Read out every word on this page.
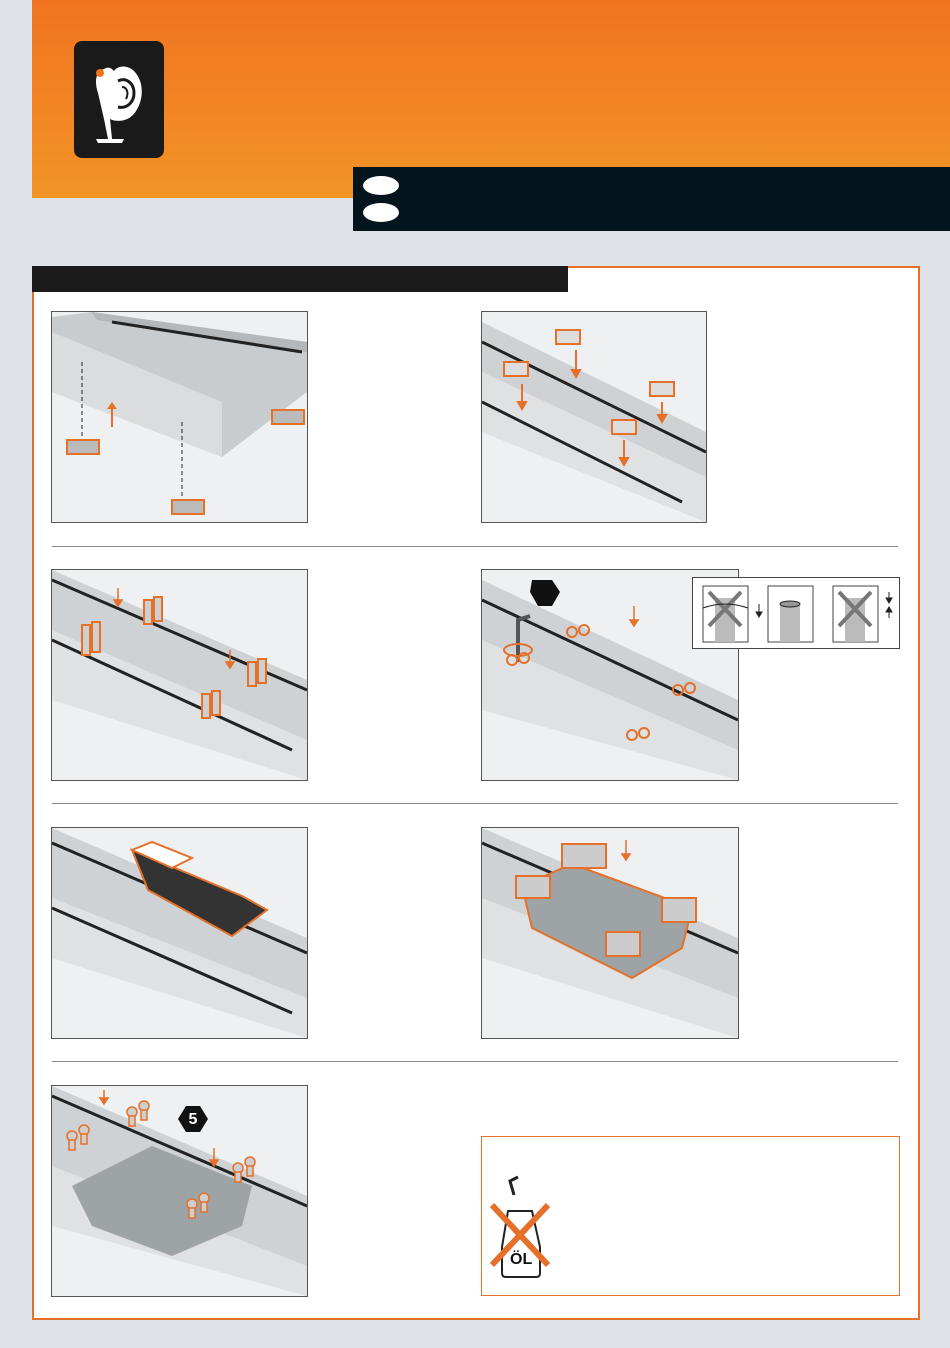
5
ÖL
